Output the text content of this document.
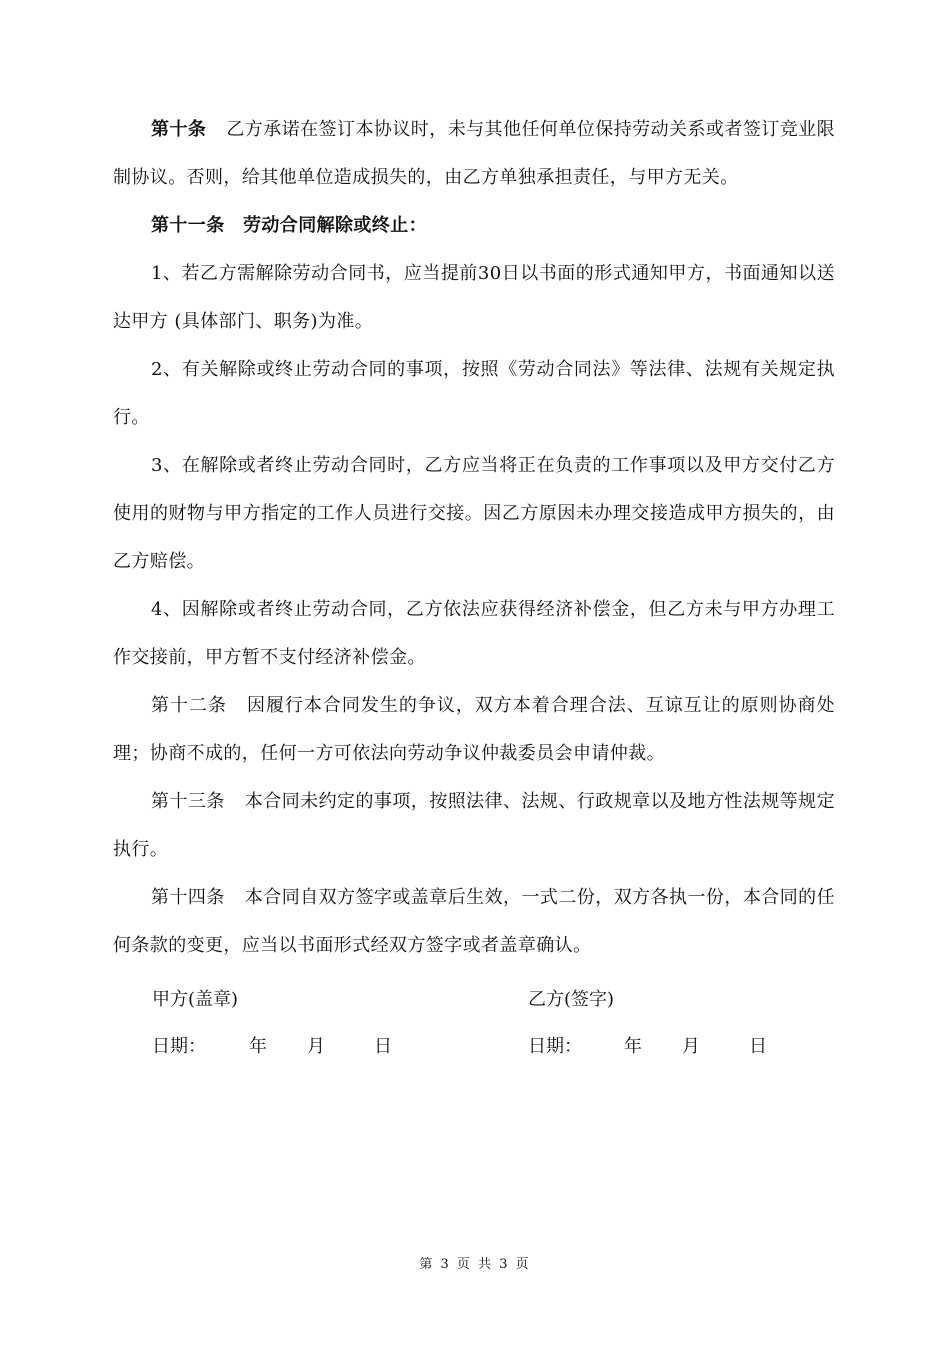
第十条 乙方承诺在签订本协议时，未与其他任何单位保持劳动关系或者签订竞业限制协议。否则，给其他单位造成损失的，由乙方单独承担责任，与甲方无关。

第十一条　劳动合同解除或终止：

1、若乙方需解除劳动合同书，应当提前30日以书面的形式通知甲方，书面通知以送达甲方 (具体部门、职务)为准。

2、有关解除或终止劳动合同的事项，按照《劳动合同法》等法律、法规有关规定执行。

3、在解除或者终止劳动合同时，乙方应当将正在负责的工作事项以及甲方交付乙方使用的财物与甲方指定的工作人员进行交接。因乙方原因未办理交接造成甲方损失的，由乙方赔偿。

4、因解除或者终止劳动合同，乙方依法应获得经济补偿金，但乙方未与甲方办理工作交接前，甲方暂不支付经济补偿金。

第十二条 因履行本合同发生的争议，双方本着合理合法、互谅互让的原则协商处理；协商不成的，任何一方可依法向劳动争议仲裁委员会申请仲裁。

第十三条 本合同未约定的事项，按照法律、法规、行政规章以及地方性法规等规定执行。

第十四条 本合同自双方签字或盖章后生效，一式二份，双方各执一份，本合同的任何条款的变更，应当以书面形式经双方签字或者盖章确认。

甲方(盖章)	乙方(签字)
日期： 年 月	日	日期： 年 月	日
第 3 页 共 3 页
